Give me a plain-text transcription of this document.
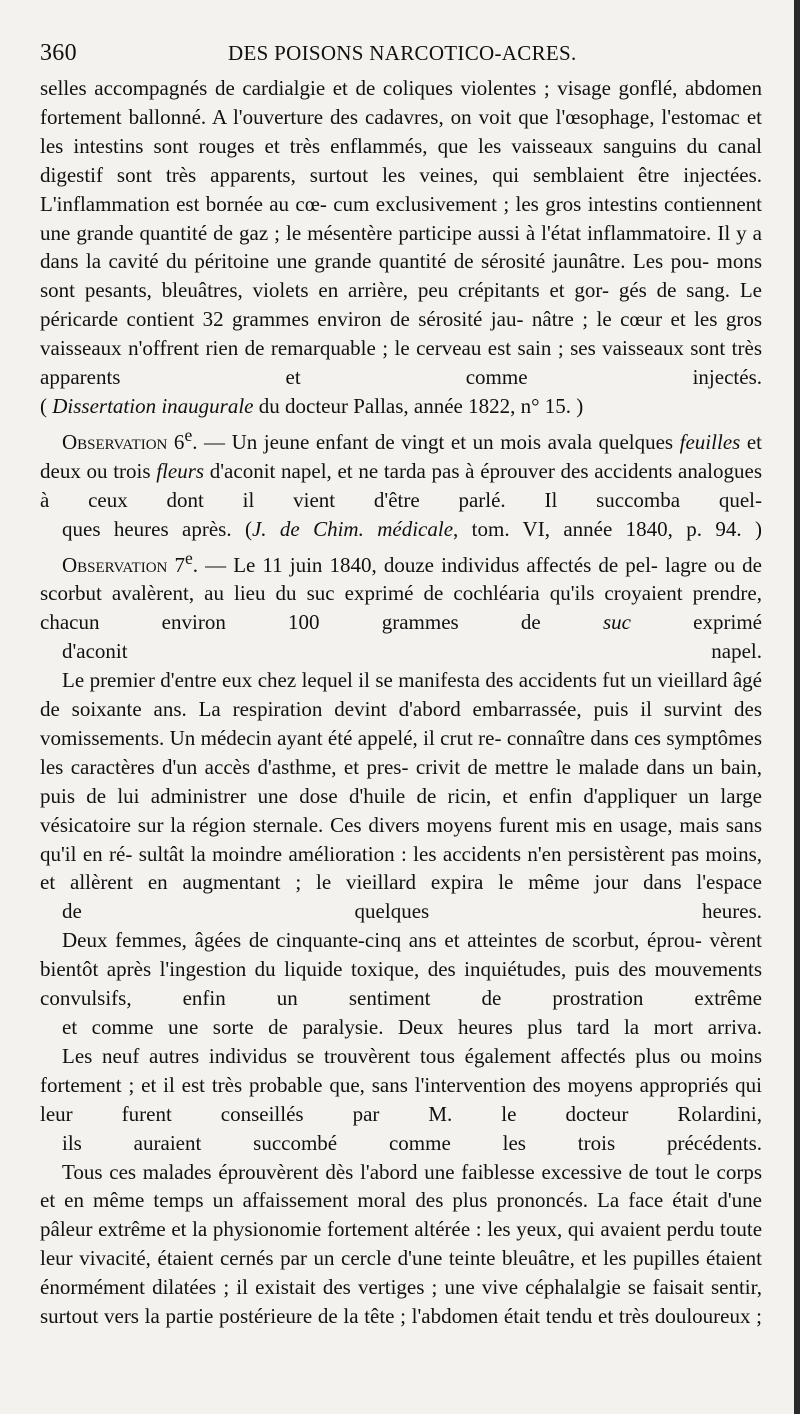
360	DES POISONS NARCOTICO-ACRES.

selles accompagnés de cardialgie et de coliques violentes ; visage gonflé, abdomen fortement ballonné. A l'ouverture des cadavres, on voit que l'œsophage, l'estomac et les intestins sont rouges et très enflammés, que les vaisseaux sanguins du canal digestif sont très apparents, surtout les veines, qui semblaient être injectées. L'inflammation est bornée au cœ- cum exclusivement ; les gros intestins contiennent une grande quantité de gaz ; le mésentère participe aussi à l'état inflammatoire. Il y a dans la cavité du péritoine une grande quantité de sérosité jaunâtre. Les pou- mons sont pesants, bleuâtres, violets en arrière, peu crépitants et gor- gés de sang. Le péricarde contient 32 grammes environ de sérosité jau- nâtre ; le cœur et les gros vaisseaux n'offrent rien de remarquable ; le cerveau est sain ; ses vaisseaux sont très apparents et comme injectés.

( Dissertation inaugurale du docteur Pallas, année 1822, n° 15. )

Observation 6e. — Un jeune enfant de vingt et un mois avala quelques feuilles et deux ou trois fleurs d'aconit napel, et ne tarda pas à éprouver des accidents analogues à ceux dont il vient d'être parlé. Il succomba quel-
ques heures après. (J. de Chim. médicale, tom. VI, année 1840, p. 94. )

Observation 7e. — Le 11 juin 1840, douze individus affectés de pel- lagre ou de scorbut avalèrent, au lieu du suc exprimé de cochléaria qu'ils croyaient prendre, chacun environ 100 grammes de suc exprimé
d'aconit napel.

Le premier d'entre eux chez lequel il se manifesta des accidents fut un vieillard âgé de soixante ans. La respiration devint d'abord embarrassée, puis il survint des vomissements. Un médecin ayant été appelé, il crut re- connaître dans ces symptômes les caractères d'un accès d'asthme, et pres- crivit de mettre le malade dans un bain, puis de lui administrer une dose d'huile de ricin, et enfin d'appliquer un large vésicatoire sur la région sternale. Ces divers moyens furent mis en usage, mais sans qu'il en ré- sultât la moindre amélioration : les accidents n'en persistèrent pas moins, et allèrent en augmentant ; le vieillard expira le même jour dans l'espace
de quelques heures.

Deux femmes, âgées de cinquante-cinq ans et atteintes de scorbut, éprou- vèrent bientôt après l'ingestion du liquide toxique, des inquiétudes, puis des mouvements convulsifs, enfin un sentiment de prostration extrême
et comme une sorte de paralysie. Deux heures plus tard la mort arriva.

Les neuf autres individus se trouvèrent tous également affectés plus ou moins fortement ; et il est très probable que, sans l'intervention des moyens appropriés qui leur furent conseillés par M. le docteur Rolardini,
ils auraient succombé comme les trois précédents.

Tous ces malades éprouvèrent dès l'abord une faiblesse excessive de tout le corps et en même temps un affaissement moral des plus prononcés. La face était d'une pâleur extrême et la physionomie fortement altérée : les yeux, qui avaient perdu toute leur vivacité, étaient cernés par un cercle d'une teinte bleuâtre, et les pupilles étaient énormément dilatées ; il existait des vertiges ; une vive céphalalgie se faisait sentir, surtout vers la partie postérieure de la tête ; l'abdomen était tendu et très douloureux ;
